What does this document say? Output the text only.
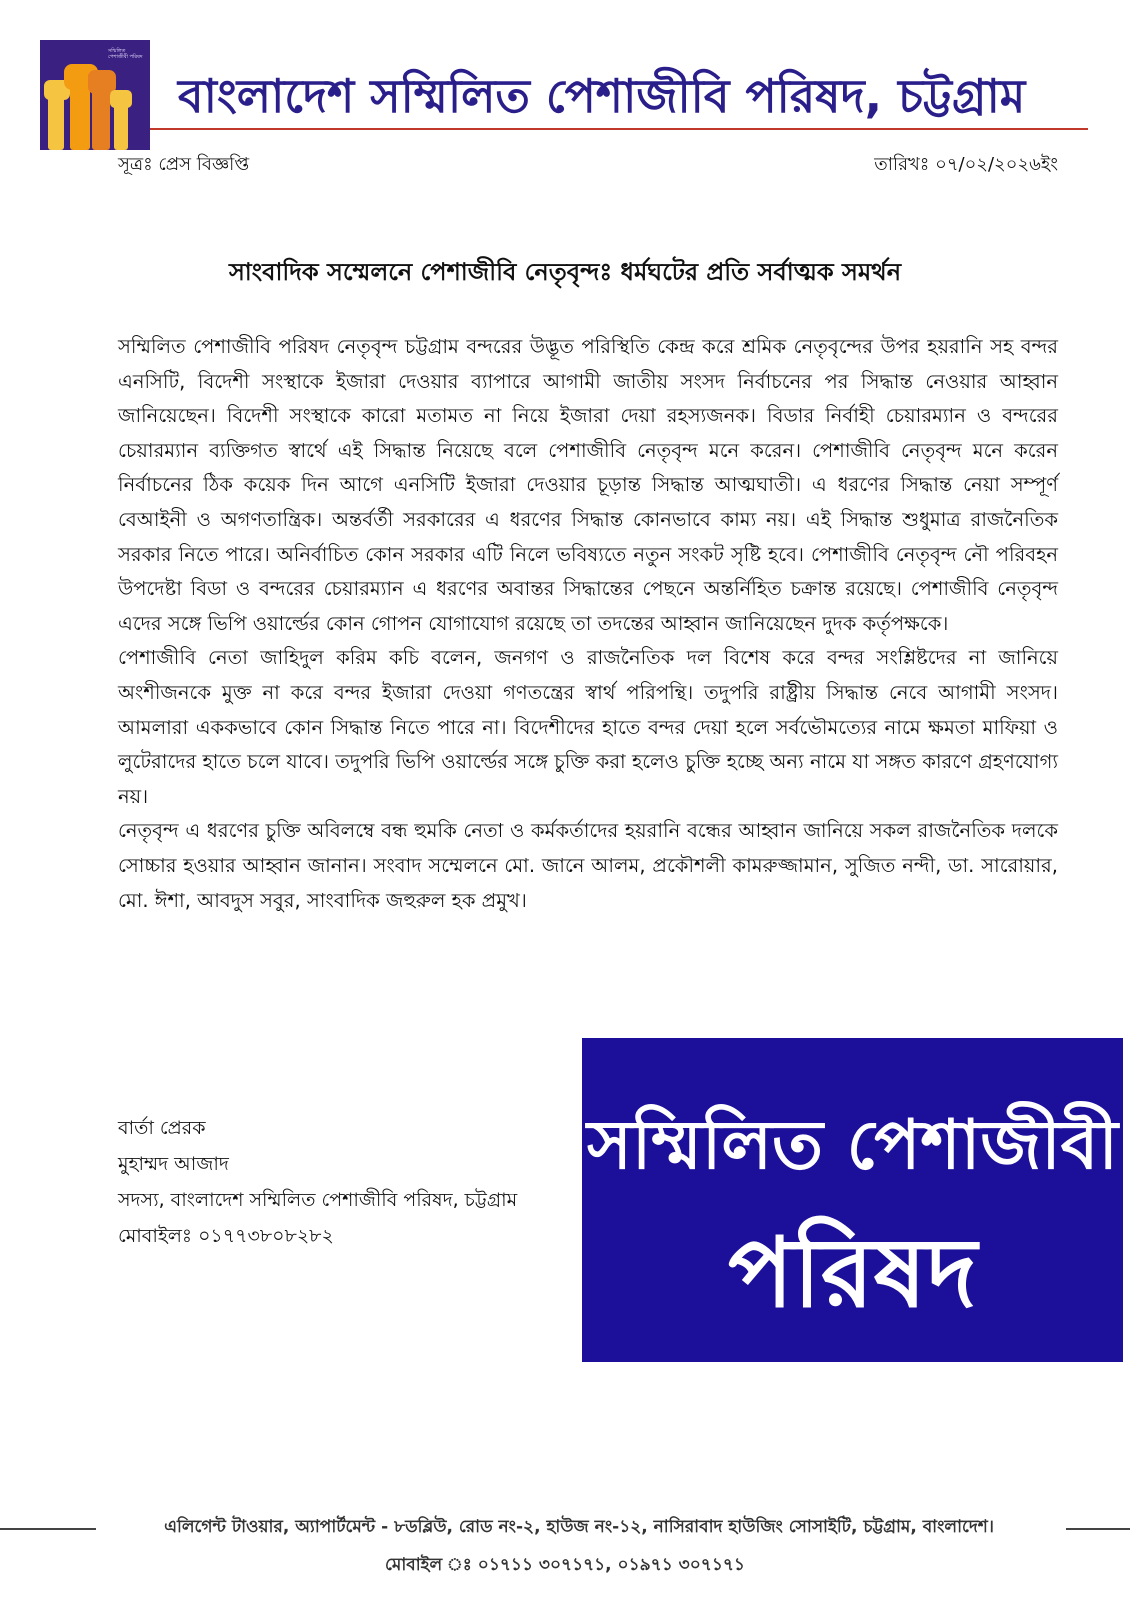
সম্মিলিত পেশাজীবী পরিষদ
বাংলাদেশ সম্মিলিত পেশাজীবি পরিষদ, চট্টগ্রাম
সূত্রঃ প্রেস বিজ্ঞপ্তি	তারিখঃ ০৭/০২/২০২৬ইং
সাংবাদিক সম্মেলনে পেশাজীবি নেতৃবৃন্দঃ ধর্মঘটের প্রতি সর্বাত্মক সমর্থন

সম্মিলিত পেশাজীবি পরিষদ নেতৃবৃন্দ চট্টগ্রাম বন্দরের উদ্ভূত পরিস্থিতি কেন্দ্র করে শ্রমিক নেতৃবৃন্দের উপর হয়রানি সহ বন্দর এনসিটি, বিদেশী সংস্থাকে ইজারা দেওয়ার ব্যাপারে আগামী জাতীয় সংসদ নির্বাচনের পর সিদ্ধান্ত নেওয়ার আহ্বান জানিয়েছেন। বিদেশী সংস্থাকে কারো মতামত না নিয়ে ইজারা দেয়া রহস্যজনক। বিডার নির্বাহী চেয়ারম্যান ও বন্দরের চেয়ারম্যান ব্যক্তিগত স্বার্থে এই সিদ্ধান্ত নিয়েছে বলে পেশাজীবি নেতৃবৃন্দ মনে করেন। পেশাজীবি নেতৃবৃন্দ মনে করেন নির্বাচনের ঠিক কয়েক দিন আগে এনসিটি ইজারা দেওয়ার চূড়ান্ত সিদ্ধান্ত আত্মঘাতী। এ ধরণের সিদ্ধান্ত নেয়া সম্পূর্ণ বেআইনী ও অগণতান্ত্রিক। অন্তর্বর্তী সরকারের এ ধরণের সিদ্ধান্ত কোনভাবে কাম্য নয়। এই সিদ্ধান্ত শুধুমাত্র রাজনৈতিক সরকার নিতে পারে। অনির্বাচিত কোন সরকার এটি নিলে ভবিষ্যতে নতুন সংকট সৃষ্টি হবে। পেশাজীবি নেতৃবৃন্দ নৌ পরিবহন উপদেষ্টা বিডা ও বন্দরের চেয়ারম্যান এ ধরণের অবান্তর সিদ্ধান্তের পেছনে অন্তর্নিহিত চক্রান্ত রয়েছে। পেশাজীবি নেতৃবৃন্দ এদের সঙ্গে ভিপি ওয়ার্ল্ডের কোন গোপন যোগাযোগ রয়েছে তা তদন্তের আহ্বান জানিয়েছেন দুদক কর্তৃপক্ষকে।

পেশাজীবি নেতা জাহিদুল করিম কচি বলেন, জনগণ ও রাজনৈতিক দল বিশেষ করে বন্দর সংশ্লিষ্টদের না জানিয়ে অংশীজনকে মুক্ত না করে বন্দর ইজারা দেওয়া গণতন্ত্রের স্বার্থ পরিপন্থি। তদুপরি রাষ্ট্রীয় সিদ্ধান্ত নেবে আগামী সংসদ। আমলারা এককভাবে কোন সিদ্ধান্ত নিতে পারে না। বিদেশীদের হাতে বন্দর দেয়া হলে সর্বভৌমত্যের নামে ক্ষমতা মাফিয়া ও লুটেরাদের হাতে চলে যাবে। তদুপরি ভিপি ওয়ার্ল্ডের সঙ্গে চুক্তি করা হলেও চুক্তি হচ্ছে অন্য নামে যা সঙ্গত কারণে গ্রহণযোগ্য নয়।

নেতৃবৃন্দ এ ধরণের চুক্তি অবিলম্বে বন্ধ হুমকি নেতা ও কর্মকর্তাদের হয়রানি বন্ধের আহ্বান জানিয়ে সকল রাজনৈতিক দলকে সোচ্চার হওয়ার আহ্বান জানান। সংবাদ সম্মেলনে মো. জানে আলম, প্রকৌশলী কামরুজ্জামান, সুজিত নন্দী, ডা. সারোয়ার, মো. ঈশা, আবদুস সবুর, সাংবাদিক জহুরুল হক প্রমুখ।

বার্তা প্রেরক
মুহাম্মদ আজাদ
সদস্য, বাংলাদেশ সম্মিলিত পেশাজীবি পরিষদ, চট্টগ্রাম
মোবাইলঃ ০১৭৭৩৮০৮২৮২
সম্মিলিত পেশাজীবী
পরিষদ
এলিগেন্ট টাওয়ার, অ্যাপার্টমেন্ট - ৮ডব্লিউ, রোড নং-২, হাউজ নং-১২, নাসিরাবাদ হাউজিং সোসাইটি, চট্টগ্রাম, বাংলাদেশ।
মোবাইল ঃ ০১৭১১ ৩০৭১৭১, ০১৯৭১ ৩০৭১৭১
